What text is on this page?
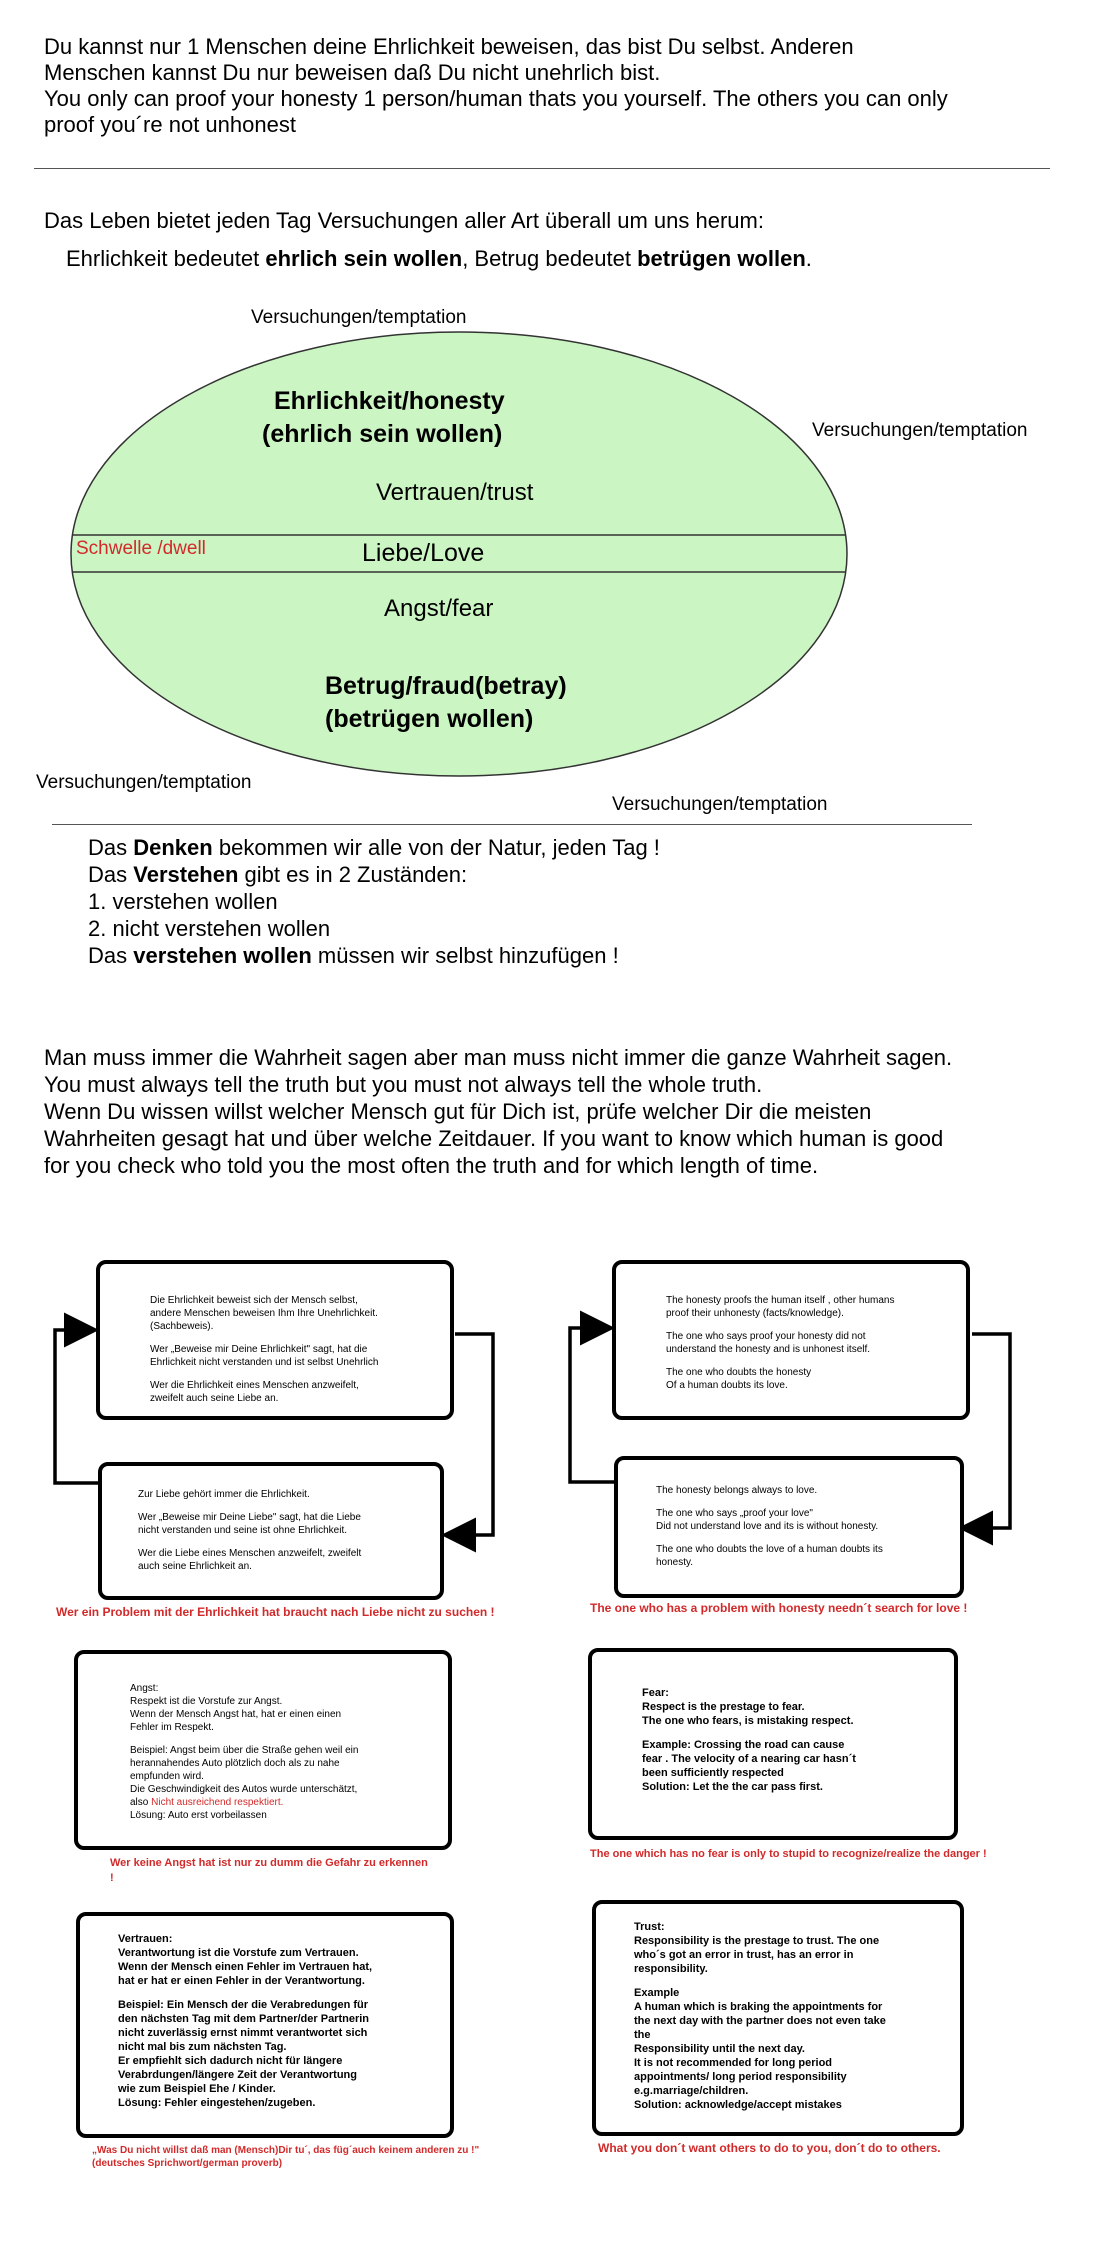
Du kannst nur 1 Menschen deine Ehrlichkeit beweisen, das bist Du selbst. Anderen

Menschen kannst Du nur beweisen daß Du nicht unehrlich bist.

You only can proof your honesty 1 person/human thats you yourself. The others you can only

proof you´re not unhonest

Das Leben bietet jeden Tag Versuchungen aller Art überall um uns herum:

Ehrlichkeit bedeutet ehrlich sein wollen, Betrug bedeutet betrügen wollen.

Versuchungen/temptation
Versuchungen/temptation
Versuchungen/temptation
Versuchungen/temptation
Ehrlichkeit/honesty
(ehrlich sein wollen)
Vertrauen/trust
Schwelle /dwell	Liebe/Love
Angst/fear
Betrug/fraud(betray)
(betrügen wollen)

Das Denken bekommen wir alle von der Natur, jeden Tag !

Das Verstehen gibt es in 2 Zuständen:

1. verstehen wollen

2. nicht verstehen wollen

Das verstehen wollen müssen wir selbst hinzufügen !

Man muss immer die Wahrheit sagen aber man muss nicht immer die ganze Wahrheit sagen.

You must always tell the truth but you must not always tell the whole truth.

Wenn Du wissen willst welcher Mensch gut für Dich ist, prüfe welcher Dir die meisten

Wahrheiten gesagt hat und über welche Zeitdauer. If you want to know which human is good

for you check who told you the most often the truth and for which length of time.

Die Ehrlichkeit beweist sich der Mensch selbst,

andere Menschen beweisen Ihm Ihre Unehrlichkeit.

(Sachbeweis).

Wer „Beweise mir Deine Ehrlichkeit" sagt, hat die

Ehrlichkeit nicht verstanden und ist selbst Unehrlich

Wer die Ehrlichkeit eines Menschen anzweifelt,

zweifelt auch seine Liebe an.

Zur Liebe gehört immer die Ehrlichkeit.

Wer „Beweise mir Deine Liebe" sagt, hat die Liebe

nicht verstanden und seine ist ohne Ehrlichkeit.

Wer die Liebe eines Menschen anzweifelt, zweifelt

auch seine Ehrlichkeit an.

Wer ein Problem mit der Ehrlichkeit hat braucht nach Liebe nicht zu suchen !

The honesty proofs the human itself , other humans

proof their unhonesty (facts/knowledge).

The one who says proof your honesty did not

understand the honesty and is unhonest itself.

The one who doubts the honesty

Of a human doubts its love.

The honesty belongs always to love.

The one who says „proof your love"

Did not understand love and its is without honesty.

The one who doubts the love of a human doubts its

honesty.

The one who has a problem with honesty needn´t search for love !

Angst:

Respekt ist die Vorstufe zur Angst.

Wenn der Mensch Angst hat, hat er einen einen

Fehler im Respekt.

Beispiel: Angst beim über die Straße gehen weil ein

herannahendes Auto plötzlich doch als zu nahe

empfunden wird.

Die Geschwindigkeit des Autos wurde unterschätzt,

also Nicht ausreichend respektiert.

Lösung: Auto erst vorbeilassen

Wer keine Angst hat ist nur zu dumm die Gefahr zu erkennen !

Fear:

Respect is the prestage to fear.

The one who fears, is mistaking respect.

Example: Crossing the road can cause

fear . The velocity of a nearing car hasn´t

been sufficiently respected

Solution: Let the the car pass first.

The one which has no fear is only to stupid to recognize/realize the danger !

Vertrauen:

Verantwortung ist die Vorstufe zum Vertrauen.

Wenn der Mensch einen Fehler im Vertrauen hat,

hat er hat er einen Fehler in der Verantwortung.

Beispiel: Ein Mensch der die Verabredungen für

den nächsten Tag mit dem Partner/der Partnerin

nicht zuverlässig ernst nimmt verantwortet sich

nicht mal bis zum nächsten Tag.

Er empfiehlt sich dadurch nicht für längere

Verabrdungen/längere Zeit der Verantwortung

wie zum Beispiel Ehe / Kinder.

Lösung: Fehler eingestehen/zugeben.

„Was Du nicht willst daß man (Mensch)Dir tu´, das füg´auch keinem anderen zu !" (deutsches Sprichwort/german proverb)

Trust:

Responsibility is the prestage to trust. The one

who´s got an error in trust, has an error in

responsibility.

Example

A human which is braking the appointments for

the next day with the partner does not even take

the

Responsibility until the next day.

It is not recommended for long period

appointments/ long period responsibility

e.g.marriage/children.

Solution: acknowledge/accept mistakes

What you don´t want others to do to you, don´t do to others.
